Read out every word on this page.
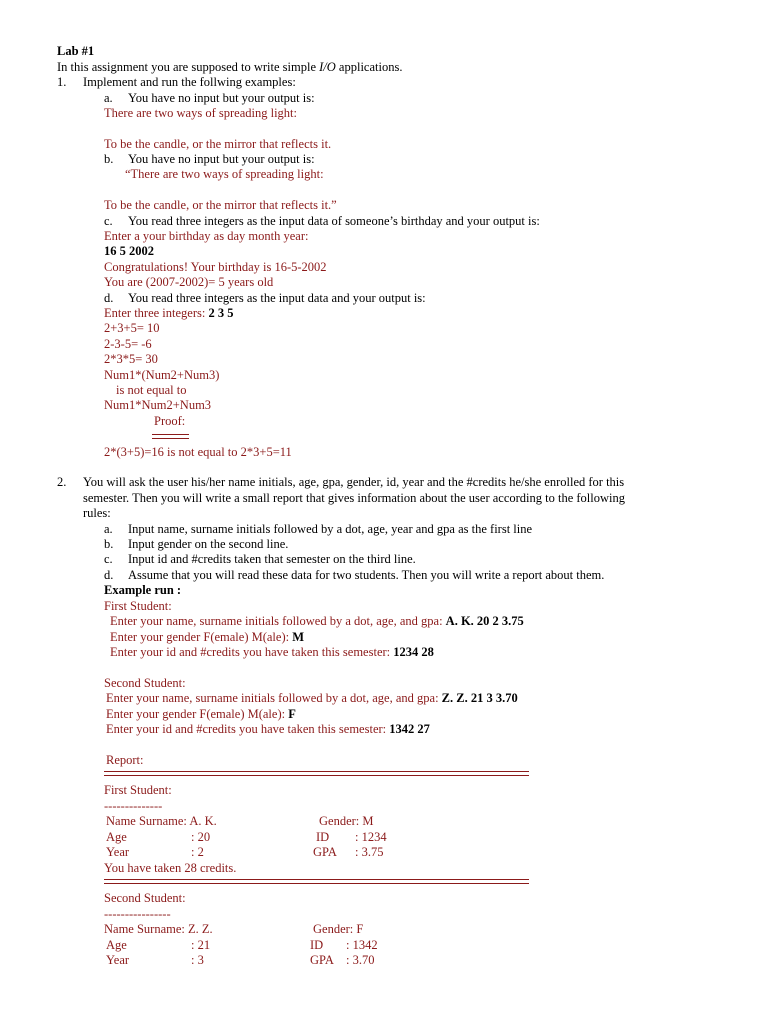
Lab #1
In this assignment you are supposed to write simple I/O applications.
1. Implement and run the follwing examples:
a. You have no input but your output is:
There are two ways of spreading light:
To be the candle, or the mirror that reflects it.
b. You have no input but your output is:
“There are two ways of spreading light:
To be the candle, or the mirror that reflects it.”
c. You read three integers as the input data of someone’s birthday and your output is:
Enter a your birthday as day month year:
16 5 2002
Congratulations! Your birthday is 16-5-2002
You are (2007-2002)= 5 years old
d. You read three integers as the input data and your output is:
Enter three integers: 2 3 5
2+3+5= 10
2-3-5= -6
2*3*5= 30
Num1*(Num2+Num3)
is not equal to
Num1*Num2+Num3
Proof:
2*(3+5)=16 is not equal to 2*3+5=11
2. You will ask the user his/her name initials, age, gpa, gender, id, year and the #credits he/she enrolled for this
semester. Then you will write a small report that gives information about the user according to the following
rules:
a. Input name, surname initials followed by a dot, age, year and gpa as the first line
b. Input gender on the second line.
c. Input id and #credits taken that semester on the third line.
d. Assume that you will read these data for two students. Then you will write a report about them.
Example run :
First Student:
Enter your name, surname initials followed by a dot, age, and gpa: A. K. 20 2 3.75
Enter your gender F(emale) M(ale): M
Enter your id and #credits you have taken this semester: 1234 28
Second Student:
Enter your name, surname initials followed by a dot, age, and gpa: Z. Z. 21 3 3.70
Enter your gender F(emale) M(ale): F
Enter your id and #credits you have taken this semester: 1342 27
Report:
First Student:
--------------
Name Surname: A. K.	Gender: M
Age	: 20	ID : 1234
Year	: 2	GPA : 3.75
You have taken 28 credits.
Second Student:
----------------
Name Surname: Z. Z.	Gender: F
Age	: 21	ID : 1342
Year	: 3	GPA : 3.70
